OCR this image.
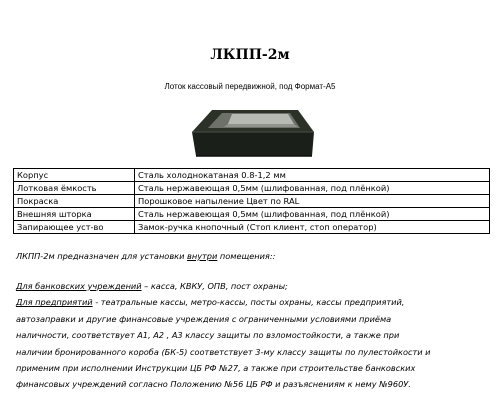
ЛКПП-2м
Лоток кассовый передвижной, под Формат-А5
Корпус	Сталь холоднокатаная 0.8-1,2 мм
Лотковая ёмкость	Сталь нержавеющая 0,5мм (шлифованная, под плёнкой)
Покраска	Порошковое напыление Цвет по RAL
Внешняя шторка	Сталь нержавеющая 0,5мм (шлифованная, под плёнкой)
Запирающее уст-во	Замок-ручка кнопочный (Стоп клиент, стоп оператор)
ЛКПП-2м предназначен для установки внутри помещения::
Для банковских учреждений – касса, КВКУ, ОПВ, пост охраны;
Для предприятий - театральные кассы, метро-кассы, посты охраны, кассы предприятий,
автозаправки и другие финансовые учреждения с ограниченными условиями приёма
наличности, соответствует А1, А2 , А3 классу защиты по взломостойкости, а также при
наличии бронированного короба (БК-5) соответствует 3-му классу защиты по пулестойкости и
применим при исполнении Инструкции ЦБ РФ №27, а также при строительстве банковских
финансовых учреждений согласно Положению №56 ЦБ РФ и разъяснениям к нему №960У.
